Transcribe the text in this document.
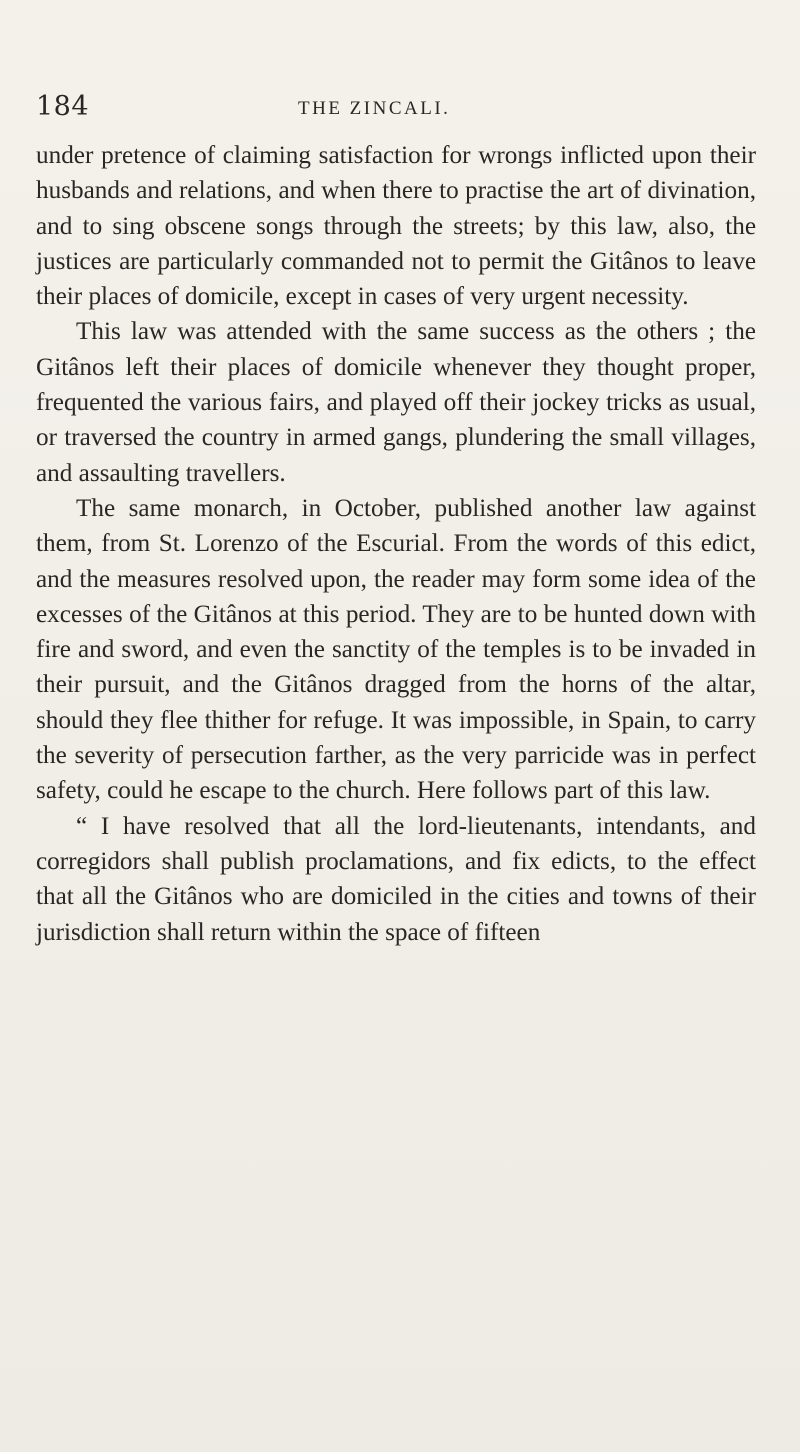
184	THE ZINCALI.

under pretence of claiming satisfaction for wrongs inflicted upon their husbands and relations, and when there to practise the art of divination, and to sing obscene songs through the streets; by this law, also, the justices are particularly commanded not to permit the Gitânos to leave their places of domicile, except in cases of very urgent necessity.

This law was attended with the same success as the others ; the Gitânos left their places of domicile whenever they thought proper, frequented the various fairs, and played off their jockey tricks as usual, or traversed the country in armed gangs, plundering the small villages, and assaulting travellers.

The same monarch, in October, published another law against them, from St. Lorenzo of the Escurial. From the words of this edict, and the measures resolved upon, the reader may form some idea of the excesses of the Gitânos at this period. They are to be hunted down with fire and sword, and even the sanctity of the temples is to be invaded in their pursuit, and the Gitânos dragged from the horns of the altar, should they flee thither for refuge. It was impossible, in Spain, to carry the severity of persecution farther, as the very parricide was in perfect safety, could he escape to the church. Here follows part of this law.

“ I have resolved that all the lord-lieutenants, intendants, and corregidors shall publish proclamations, and fix edicts, to the effect that all the Gitânos who are domiciled in the cities and towns of their jurisdiction shall return within the space of fifteen
